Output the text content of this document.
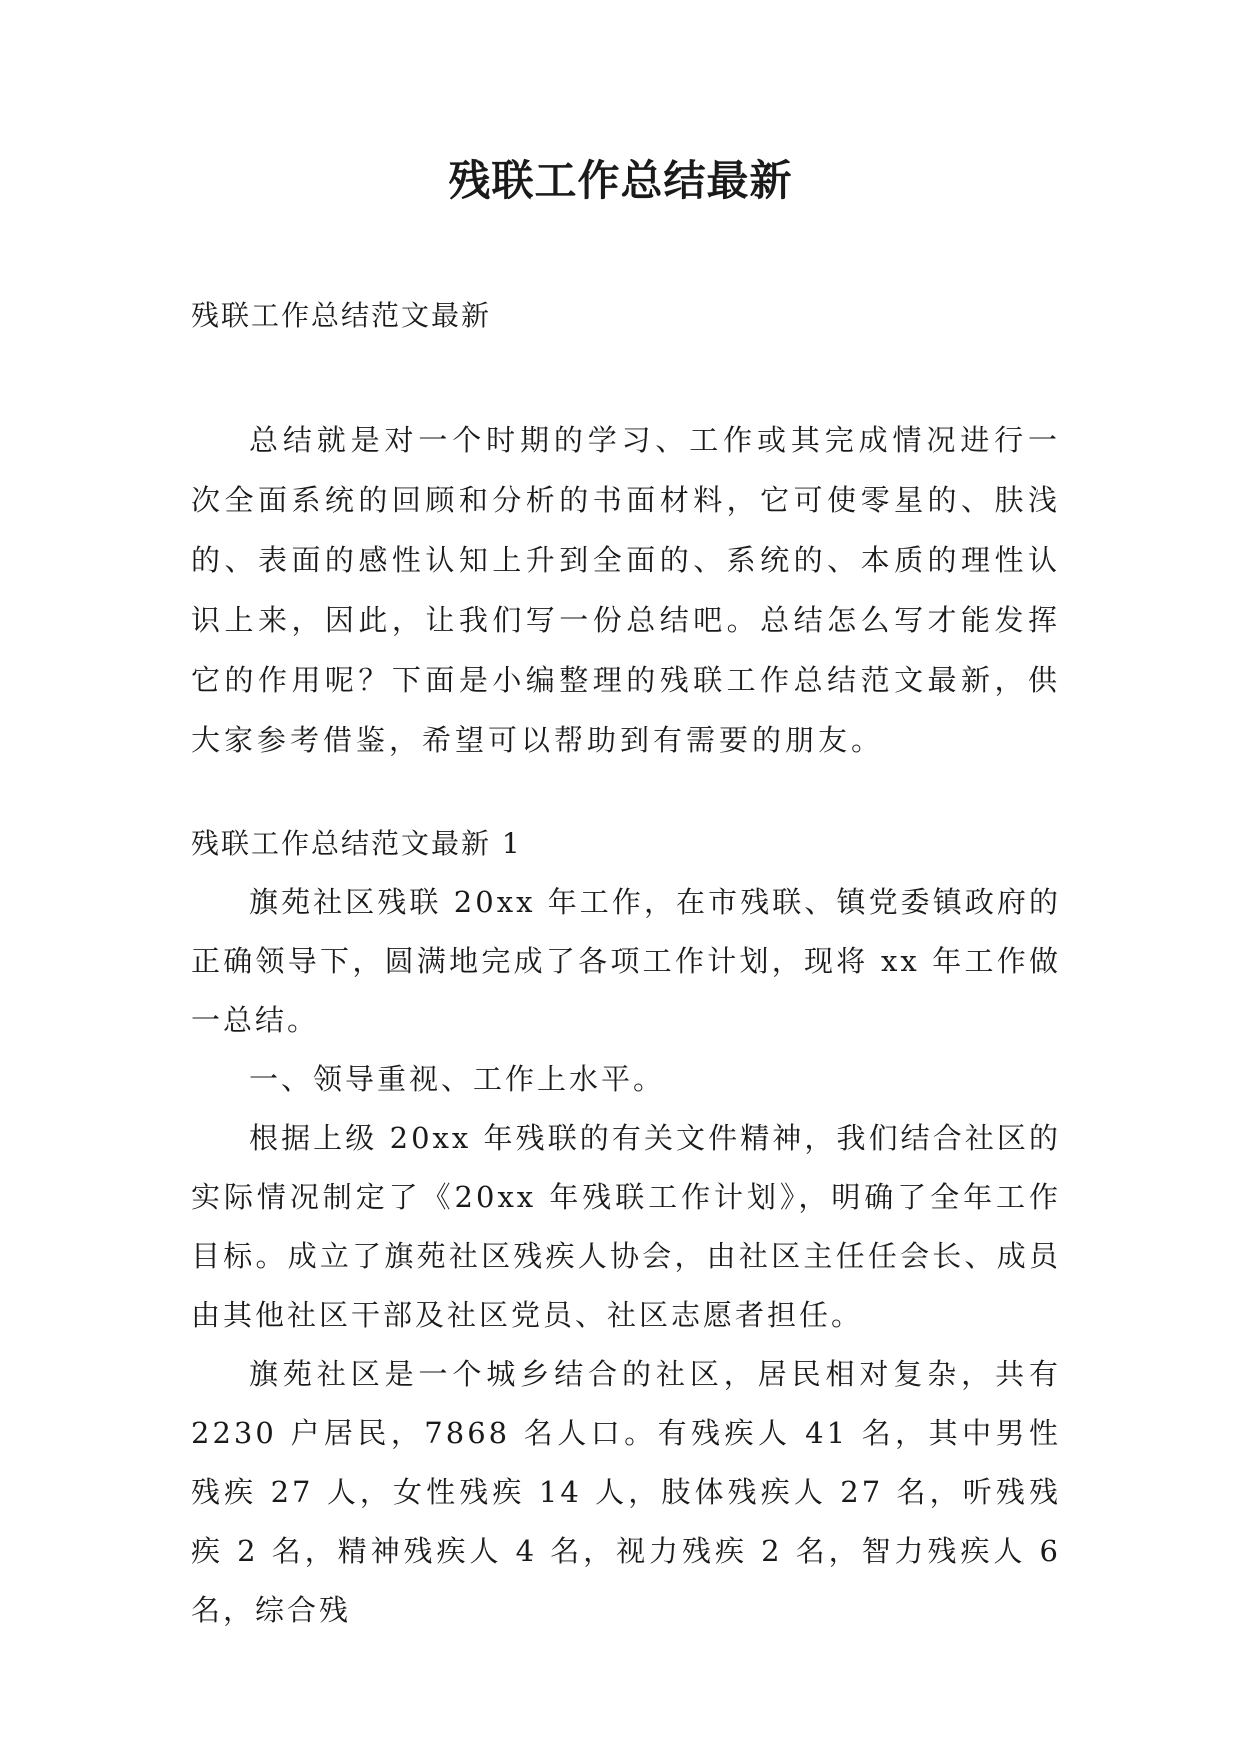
残联工作总结最新

残联工作总结范文最新

总结就是对一个时期的学习、工作或其完成情况进行一次全面系统的回顾和分析的书面材料，它可使零星的、肤浅的、表面的感性认知上升到全面的、系统的、本质的理性认识上来，因此，让我们写一份总结吧。总结怎么写才能发挥它的作用呢？下面是小编整理的残联工作总结范文最新，供大家参考借鉴，希望可以帮助到有需要的朋友。

残联工作总结范文最新 1

旗苑社区残联 20xx 年工作，在市残联、镇党委镇政府的正确领导下，圆满地完成了各项工作计划，现将 xx 年工作做一总结。

一、领导重视、工作上水平。

根据上级 20xx 年残联的有关文件精神，我们结合社区的实际情况制定了《20xx 年残联工作计划》，明确了全年工作目标。成立了旗苑社区残疾人协会，由社区主任任会长、成员由其他社区干部及社区党员、社区志愿者担任。

旗苑社区是一个城乡结合的社区，居民相对复杂，共有 2230 户居民，7868 名人口。有残疾人 41 名，其中男性残疾 27 人，女性残疾 14 人，肢体残疾人 27 名，听残残疾 2 名，精神残疾人 4 名，视力残疾 2 名，智力残疾人 6 名，综合残
